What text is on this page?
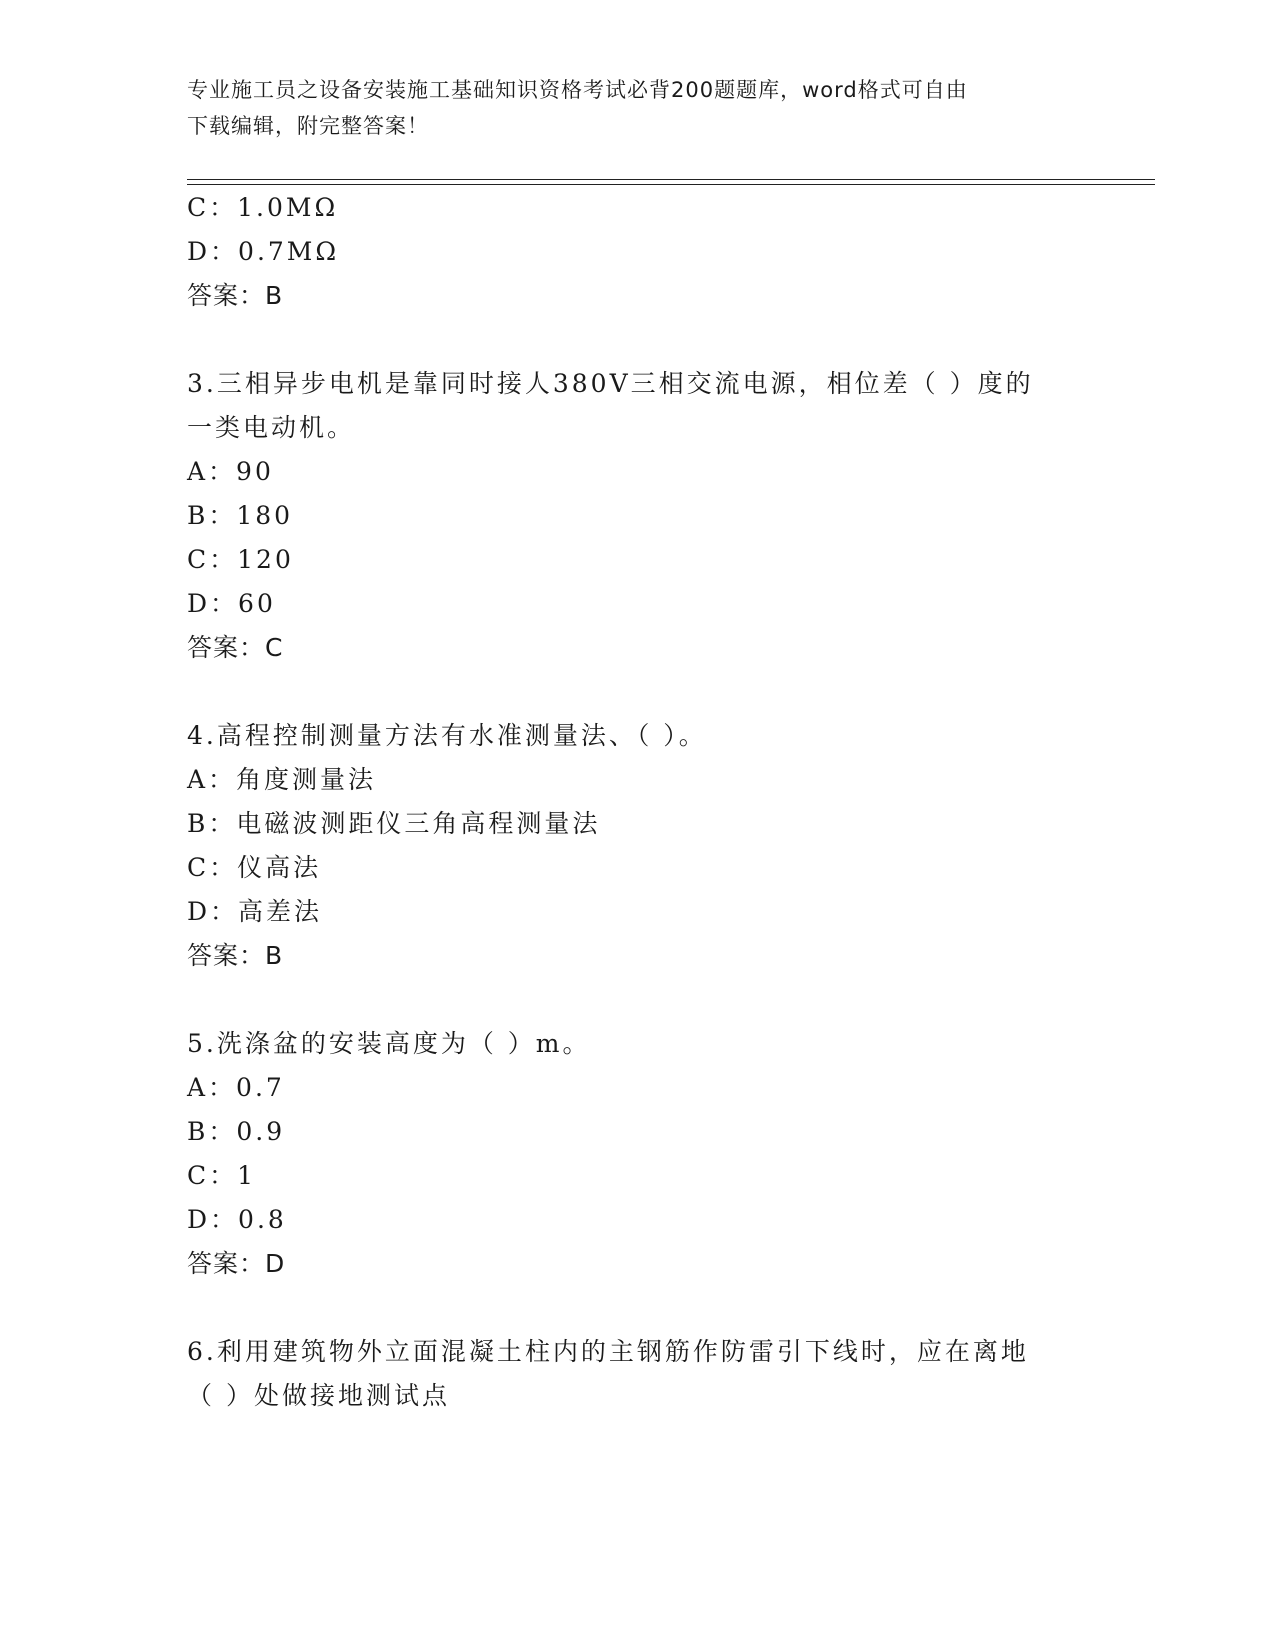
专业施工员之设备安装施工基础知识资格考试必背200题题库，word格式可自由
下载编辑，附完整答案！
C：1.0MΩ
D：0.7MΩ
答案：B
3.三相异步电机是靠同时接人380V三相交流电源，相位差（ ）度的
一类电动机。
A：90
B：180
C：120
D：60
答案：C
4.高程控制测量方法有水准测量法、（ ）。
A：角度测量法
B：电磁波测距仪三角高程测量法
C：仪高法
D：高差法
答案：B
5.洗涤盆的安装高度为（ ）m。
A：0.7
B：0.9
C：1
D：0.8
答案：D
6.利用建筑物外立面混凝土柱内的主钢筋作防雷引下线时，应在离地
（ ）处做接地测试点
